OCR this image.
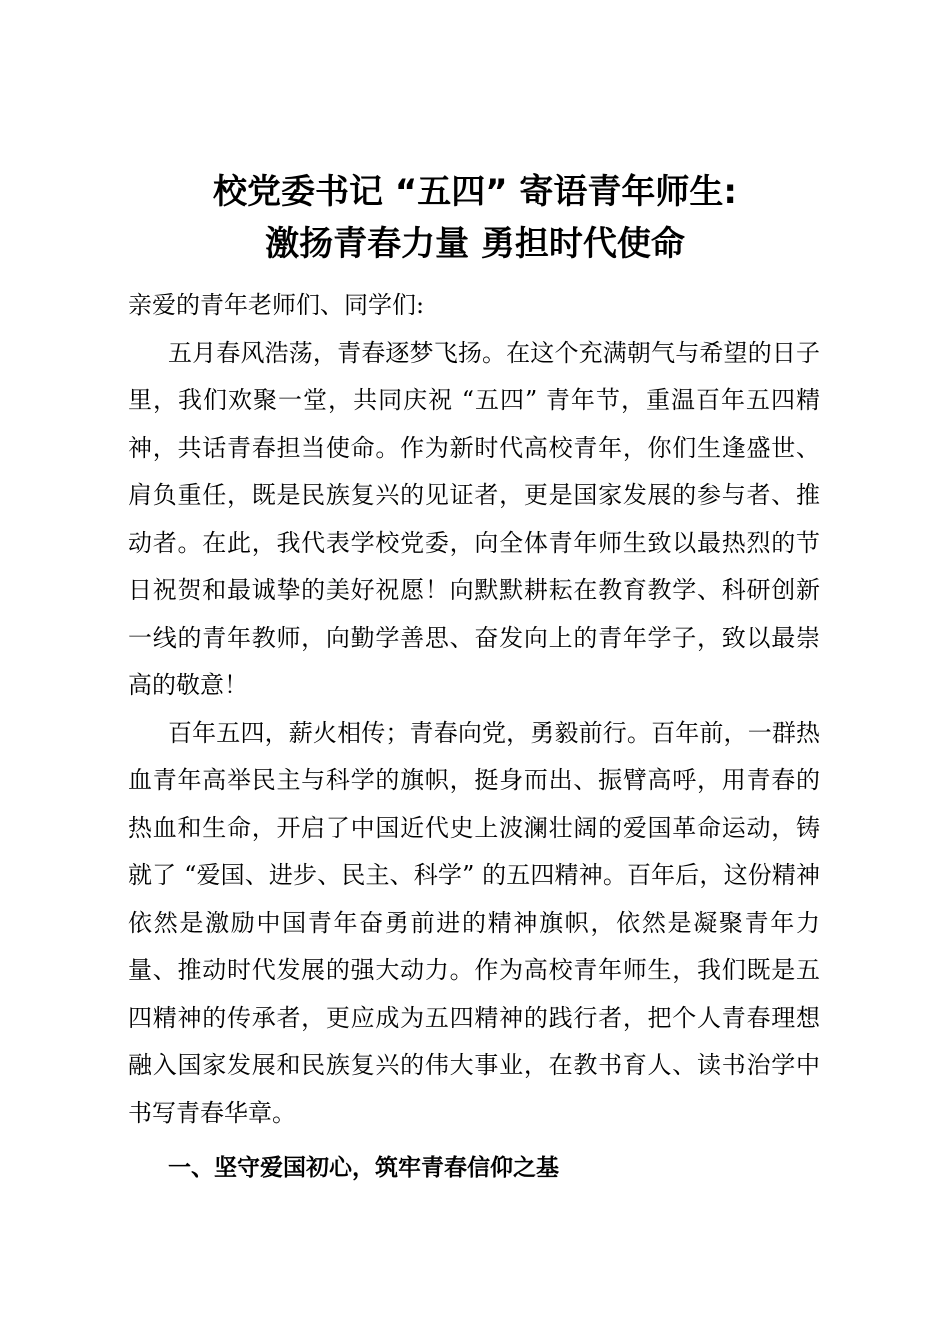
校党委书记 “五四” 寄语青年师生:
激扬青春力量 勇担时代使命

亲爱的青年老师们、同学们:

五月春风浩荡，青春逐梦飞扬。在这个充满朝气与希望的日子里，我们欢聚一堂，共同庆祝 “五四” 青年节，重温百年五四精神，共话青春担当使命。作为新时代高校青年，你们生逢盛世、肩负重任，既是民族复兴的见证者，更是国家发展的参与者、推动者。在此，我代表学校党委，向全体青年师生致以最热烈的节日祝贺和最诚挚的美好祝愿！向默默耕耘在教育教学、科研创新一线的青年教师，向勤学善思、奋发向上的青年学子，致以最崇高的敬意！

百年五四，薪火相传；青春向党，勇毅前行。百年前，一群热血青年高举民主与科学的旗帜，挺身而出、振臂高呼，用青春的热血和生命，开启了中国近代史上波澜壮阔的爱国革命运动，铸就了 “爱国、进步、民主、科学” 的五四精神。百年后，这份精神依然是激励中国青年奋勇前进的精神旗帜，依然是凝聚青年力量、推动时代发展的强大动力。作为高校青年师生，我们既是五四精神的传承者，更应成为五四精神的践行者，把个人青春理想融入国家发展和民族复兴的伟大事业，在教书育人、读书治学中书写青春华章。

一、坚守爱国初心，筑牢青春信仰之基
